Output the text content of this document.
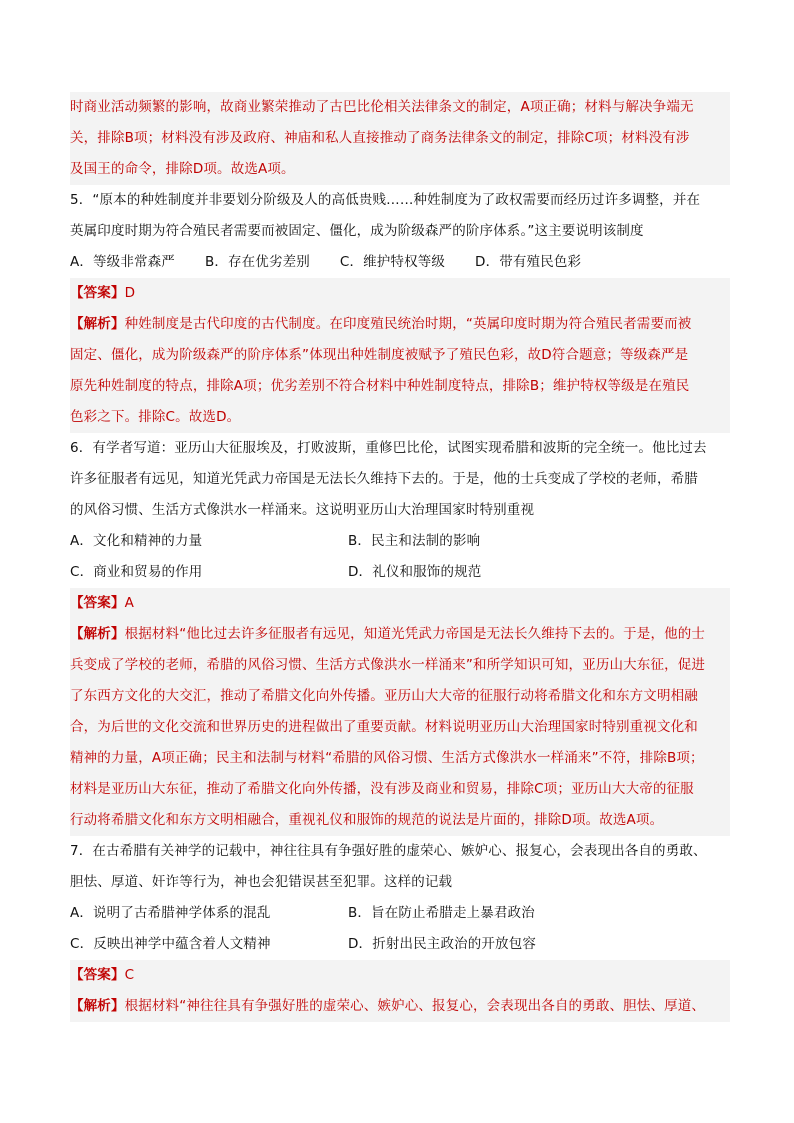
时商业活动频繁的影响，故商业繁荣推动了古巴比伦相关法律条文的制定，A项正确；材料与解决争端无
关，排除B项；材料没有涉及政府、神庙和私人直接推动了商务法律条文的制定，排除C项；材料没有涉
及国王的命令，排除D项。故选A项。
5．“原本的种姓制度并非要划分阶级及人的高低贵贱……种姓制度为了政权需要而经历过许多调整，并在
英属印度时期为符合殖民者需要而被固定、僵化，成为阶级森严的阶序体系。”这主要说明该制度
A．等级非常森严 B．存在优劣差别 C．维护特权等级 D．带有殖民色彩
【答案】D
【解析】种姓制度是古代印度的古代制度。在印度殖民统治时期，“英属印度时期为符合殖民者需要而被
固定、僵化，成为阶级森严的阶序体系”体现出种姓制度被赋予了殖民色彩，故D符合题意；等级森严是
原先种姓制度的特点，排除A项；优劣差别不符合材料中种姓制度特点，排除B；维护特权等级是在殖民
色彩之下。排除C。故选D。
6．有学者写道：亚历山大征服埃及，打败波斯，重修巴比伦，试图实现希腊和波斯的完全统一。他比过去
许多征服者有远见，知道光凭武力帝国是无法长久维持下去的。于是，他的士兵变成了学校的老师，希腊
的风俗习惯、生活方式像洪水一样涌来。这说明亚历山大治理国家时特别重视
A．文化和精神的力量	B．民主和法制的影响
C．商业和贸易的作用	D．礼仪和服饰的规范
【答案】A
【解析】根据材料“他比过去许多征服者有远见，知道光凭武力帝国是无法长久维持下去的。于是，他的士
兵变成了学校的老师，希腊的风俗习惯、生活方式像洪水一样涌来”和所学知识可知，亚历山大东征，促进
了东西方文化的大交汇，推动了希腊文化向外传播。亚历山大大帝的征服行动将希腊文化和东方文明相融
合，为后世的文化交流和世界历史的进程做出了重要贡献。材料说明亚历山大治理国家时特别重视文化和
精神的力量，A项正确；民主和法制与材料“希腊的风俗习惯、生活方式像洪水一样涌来”不符，排除B项；
材料是亚历山大东征，推动了希腊文化向外传播，没有涉及商业和贸易，排除C项；亚历山大大帝的征服
行动将希腊文化和东方文明相融合，重视礼仪和服饰的规范的说法是片面的，排除D项。故选A项。
7．在古希腊有关神学的记载中，神往往具有争强好胜的虚荣心、嫉妒心、报复心，会表现出各自的勇敢、
胆怯、厚道、奸诈等行为，神也会犯错误甚至犯罪。这样的记载
A．说明了古希腊神学体系的混乱	B．旨在防止希腊走上暴君政治
C．反映出神学中蕴含着人文精神	D．折射出民主政治的开放包容
【答案】C
【解析】根据材料“神往往具有争强好胜的虚荣心、嫉妒心、报复心，会表现出各自的勇敢、胆怯、厚道、
